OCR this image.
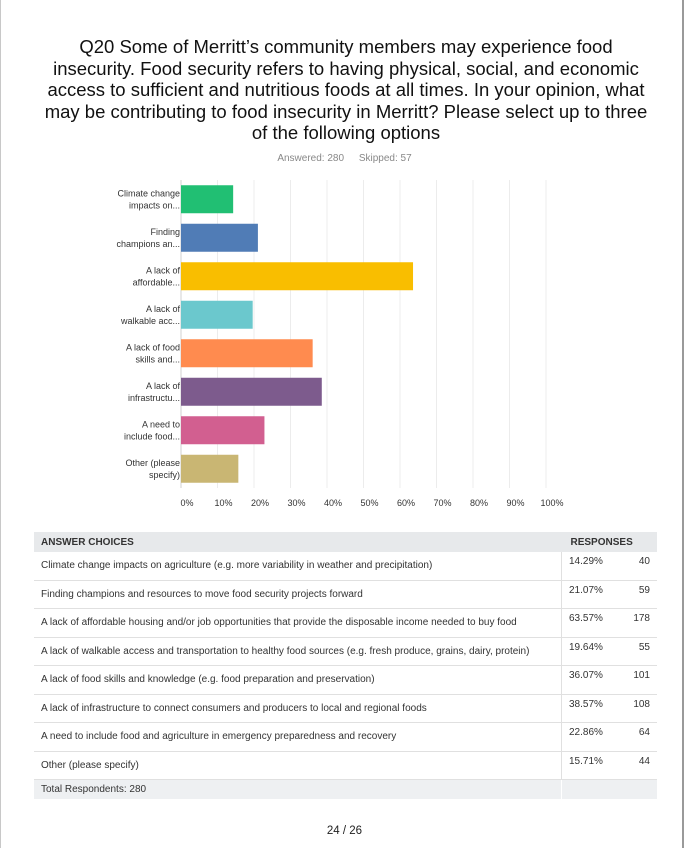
Q20 Some of Merritt’s community members may experience food insecurity. Food security refers to having physical, social, and economic access to sufficient and nutritious foods at all times. In your opinion, what may be contributing to food insecurity in Merritt? Please select up to three of the following options
Answered: 280 Skipped: 57
Climate change
impacts on...
Finding
champions an...
A lack of
affordable...
A lack of
walkable acc...
A lack of food
skills and...
A lack of
infrastructu...
A need to
include food...
Other (please
specify)
0% 10% 20% 30% 40% 50% 60% 70% 80% 90% 100%
ANSWER CHOICES	RESPONSES	
Climate change impacts on agriculture (e.g. more variability in weather and precipitation)	14.29%	40
Finding champions and resources to move food security projects forward	21.07%	59
A lack of affordable housing and/or job opportunities that provide the disposable income needed to buy food	63.57%	178
A lack of walkable access and transportation to healthy food sources (e.g. fresh produce, grains, dairy, protein)	19.64%	55
A lack of food skills and knowledge (e.g. food preparation and preservation)	36.07%	101
A lack of infrastructure to connect consumers and producers to local and regional foods	38.57%	108
A need to include food and agriculture in emergency preparedness and recovery	22.86%	64
Other (please specify)	15.71%	44
Total Respondents: 280		
24 / 26
